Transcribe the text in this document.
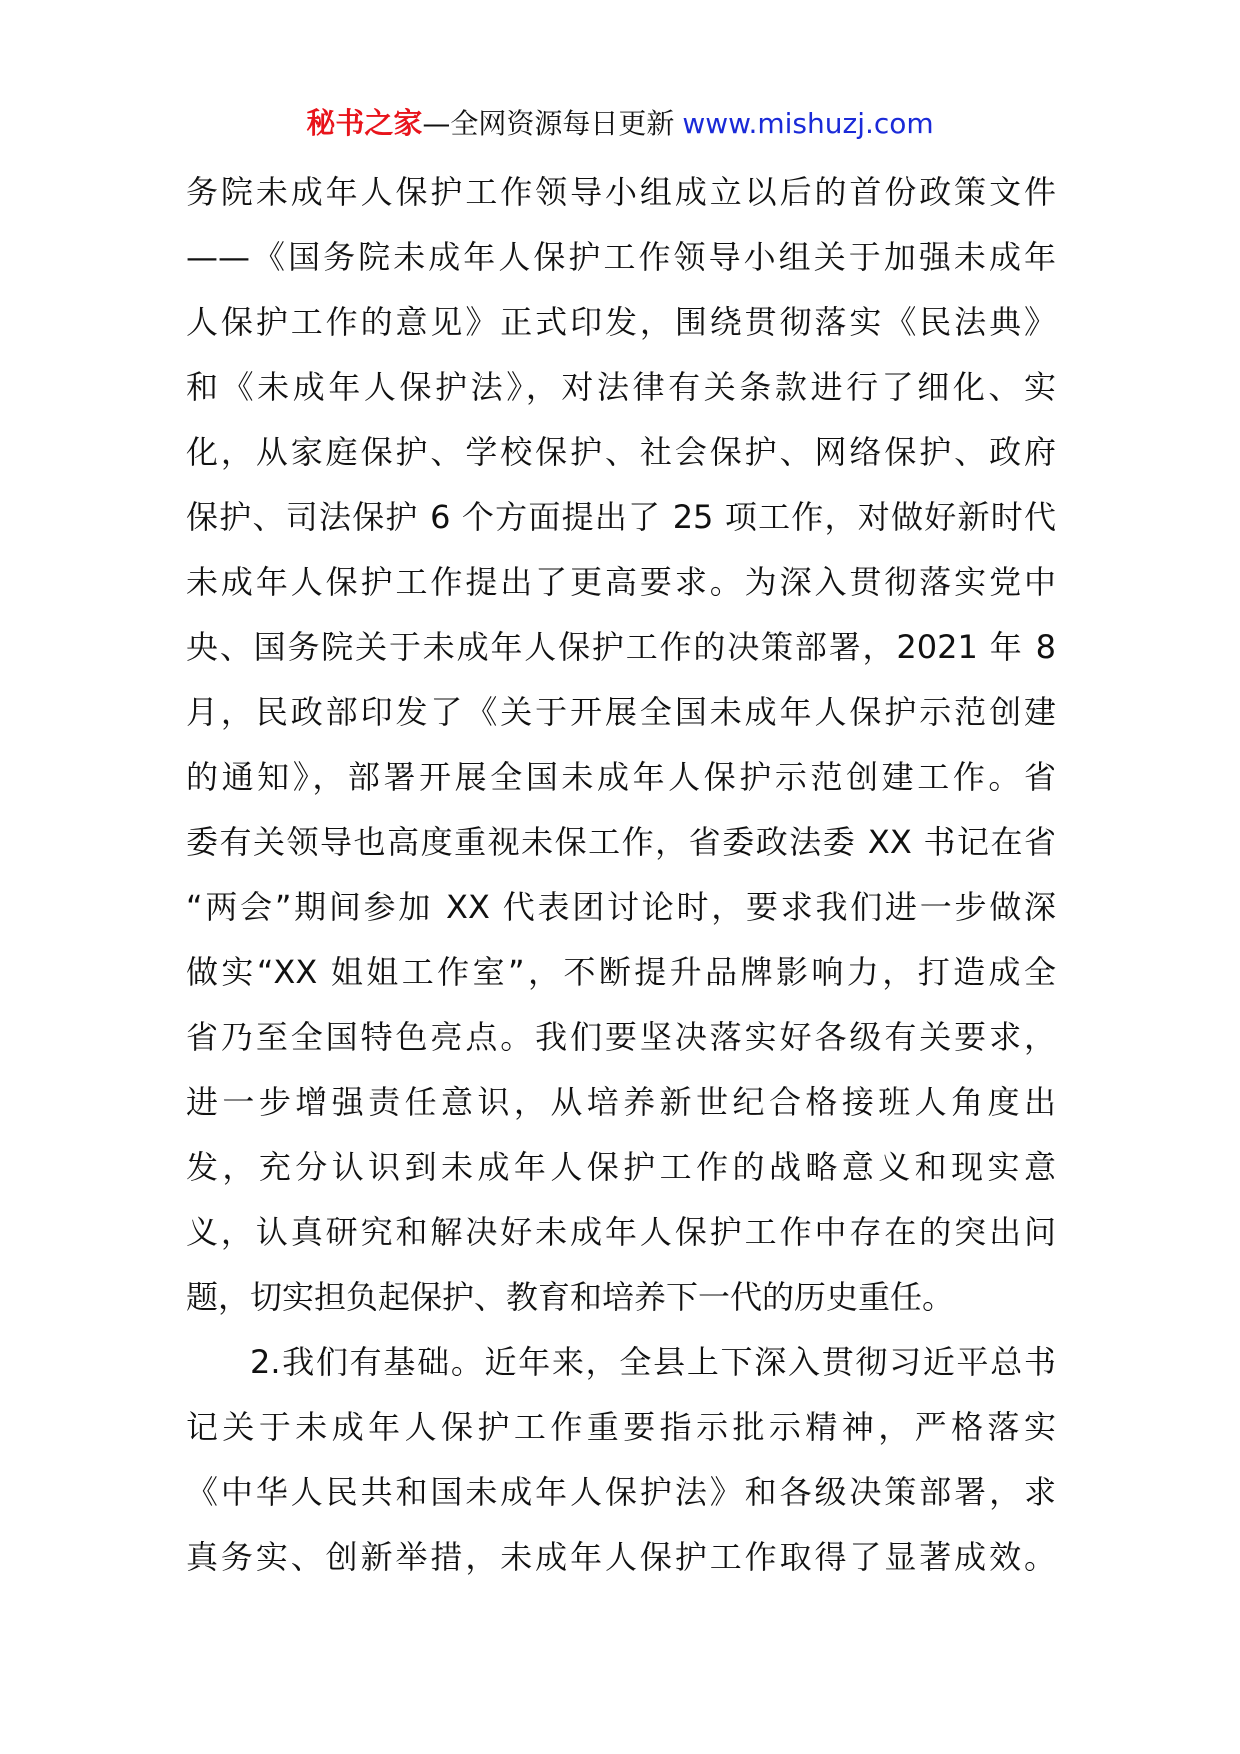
秘书之家—全网资源每日更新 www.mishuzj.com
务院未成年人保护工作领导小组成立以后的首份政策文件
——《国务院未成年人保护工作领导小组关于加强未成年
人保护工作的意见》正式印发，围绕贯彻落实《民法典》
和《未成年人保护法》，对法律有关条款进行了细化、实
化，从家庭保护、学校保护、社会保护、网络保护、政府
保护、司法保护 6 个方面提出了 25 项工作，对做好新时代
未成年人保护工作提出了更高要求。为深入贯彻落实党中
央、国务院关于未成年人保护工作的决策部署，2021 年 8
月，民政部印发了《关于开展全国未成年人保护示范创建
的通知》，部署开展全国未成年人保护示范创建工作。省
委有关领导也高度重视未保工作，省委政法委 XX 书记在省
“两会”期间参加 XX 代表团讨论时，要求我们进一步做深
做实“XX 姐姐工作室”，不断提升品牌影响力，打造成全
省乃至全国特色亮点。我们要坚决落实好各级有关要求，
进一步增强责任意识，从培养新世纪合格接班人角度出
发，充分认识到未成年人保护工作的战略意义和现实意
义，认真研究和解决好未成年人保护工作中存在的突出问
题，切实担负起保护、教育和培养下一代的历史重任。
2.我们有基础。近年来，全县上下深入贯彻习近平总书
记关于未成年人保护工作重要指示批示精神，严格落实
《中华人民共和国未成年人保护法》和各级决策部署，求
真务实、创新举措，未成年人保护工作取得了显著成效。
